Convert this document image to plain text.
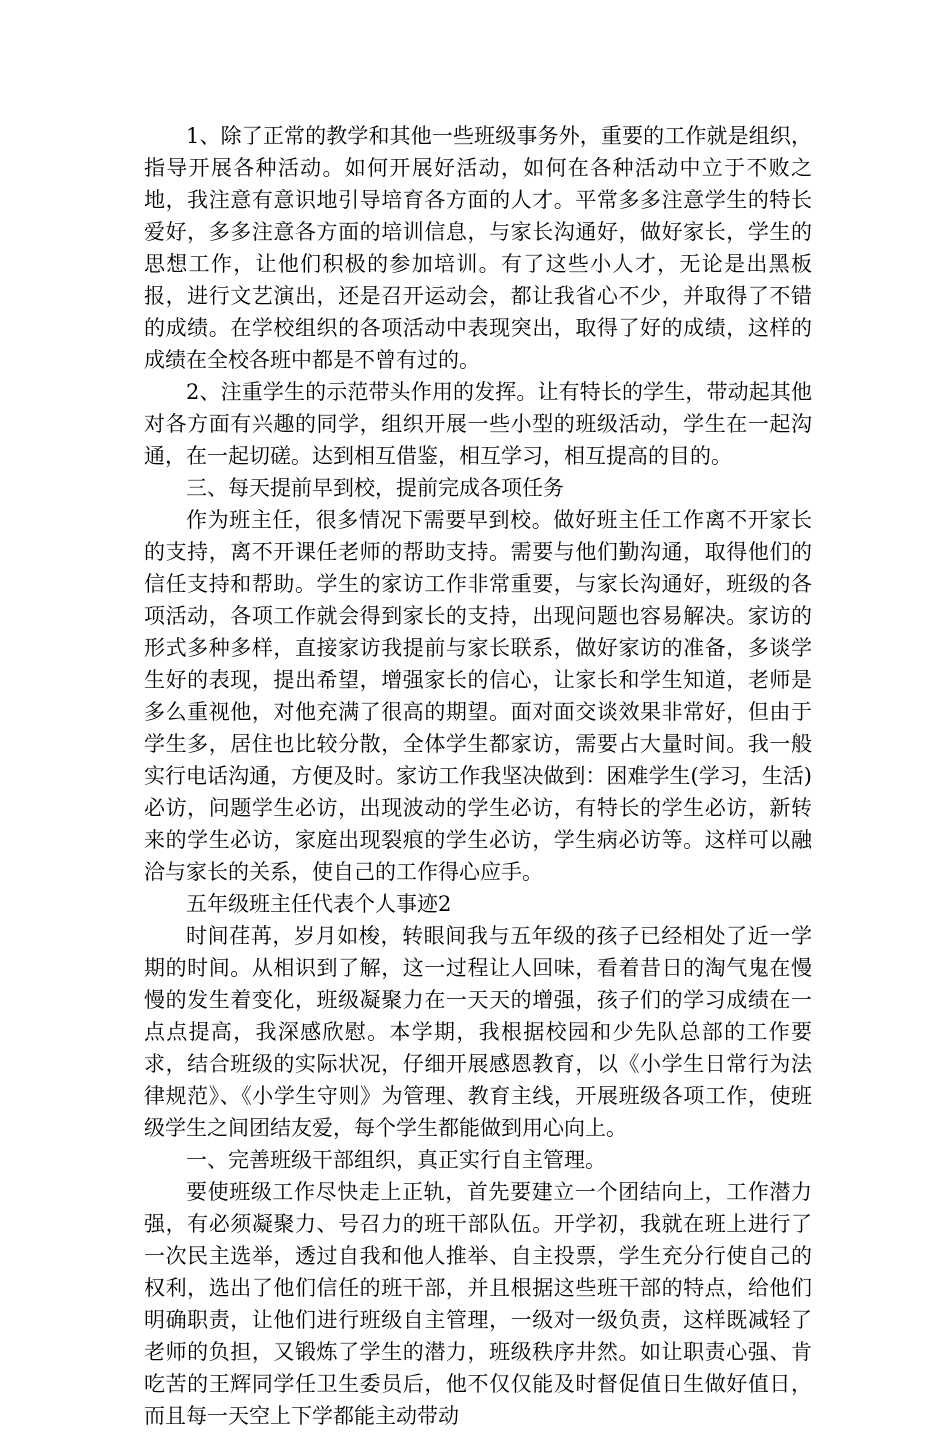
1、除了正常的教学和其他一些班级事务外，重要的工作就是组织，指导开展各种活动。如何开展好活动，如何在各种活动中立于不败之地，我注意有意识地引导培育各方面的人才。平常多多注意学生的特长爱好，多多注意各方面的培训信息，与家长沟通好，做好家长，学生的思想工作，让他们积极的参加培训。有了这些小人才，无论是出黑板报，进行文艺演出，还是召开运动会，都让我省心不少，并取得了不错的成绩。在学校组织的各项活动中表现突出，取得了好的成绩，这样的成绩在全校各班中都是不曾有过的。

2、注重学生的示范带头作用的发挥。让有特长的学生，带动起其他对各方面有兴趣的同学，组织开展一些小型的班级活动，学生在一起沟通，在一起切磋。达到相互借鉴，相互学习，相互提高的目的。

三、每天提前早到校，提前完成各项任务

作为班主任，很多情况下需要早到校。做好班主任工作离不开家长的支持，离不开课任老师的帮助支持。需要与他们勤沟通，取得他们的信任支持和帮助。学生的家访工作非常重要，与家长沟通好，班级的各项活动，各项工作就会得到家长的支持，出现问题也容易解决。家访的形式多种多样，直接家访我提前与家长联系，做好家访的准备，多谈学生好的表现，提出希望，增强家长的信心，让家长和学生知道，老师是多么重视他，对他充满了很高的期望。面对面交谈效果非常好，但由于学生多，居住也比较分散，全体学生都家访，需要占大量时间。我一般实行电话沟通，方便及时。家访工作我坚决做到：困难学生(学习，生活)必访，问题学生必访，出现波动的学生必访，有特长的学生必访，新转来的学生必访，家庭出现裂痕的学生必访，学生病必访等。这样可以融洽与家长的关系，使自己的工作得心应手。

五年级班主任代表个人事迹2

时间荏苒，岁月如梭，转眼间我与五年级的孩子已经相处了近一学期的时间。从相识到了解，这一过程让人回味，看着昔日的淘气鬼在慢慢的发生着变化，班级凝聚力在一天天的增强，孩子们的学习成绩在一点点提高，我深感欣慰。本学期，我根据校园和少先队总部的工作要求，结合班级的实际状况，仔细开展感恩教育，以《小学生日常行为法律规范》、《小学生守则》为管理、教育主线，开展班级各项工作，使班级学生之间团结友爱，每个学生都能做到用心向上。

一、完善班级干部组织，真正实行自主管理。

要使班级工作尽快走上正轨，首先要建立一个团结向上，工作潜力强，有必须凝聚力、号召力的班干部队伍。开学初，我就在班上进行了一次民主选举，透过自我和他人推举、自主投票，学生充分行使自己的权利，选出了他们信任的班干部，并且根据这些班干部的特点，给他们明确职责，让他们进行班级自主管理，一级对一级负责，这样既减轻了老师的负担，又锻炼了学生的潜力，班级秩序井然。如让职责心强、肯吃苦的王辉同学任卫生委员后，他不仅仅能及时督促值日生做好值日，而且每一天空上下学都能主动带动
